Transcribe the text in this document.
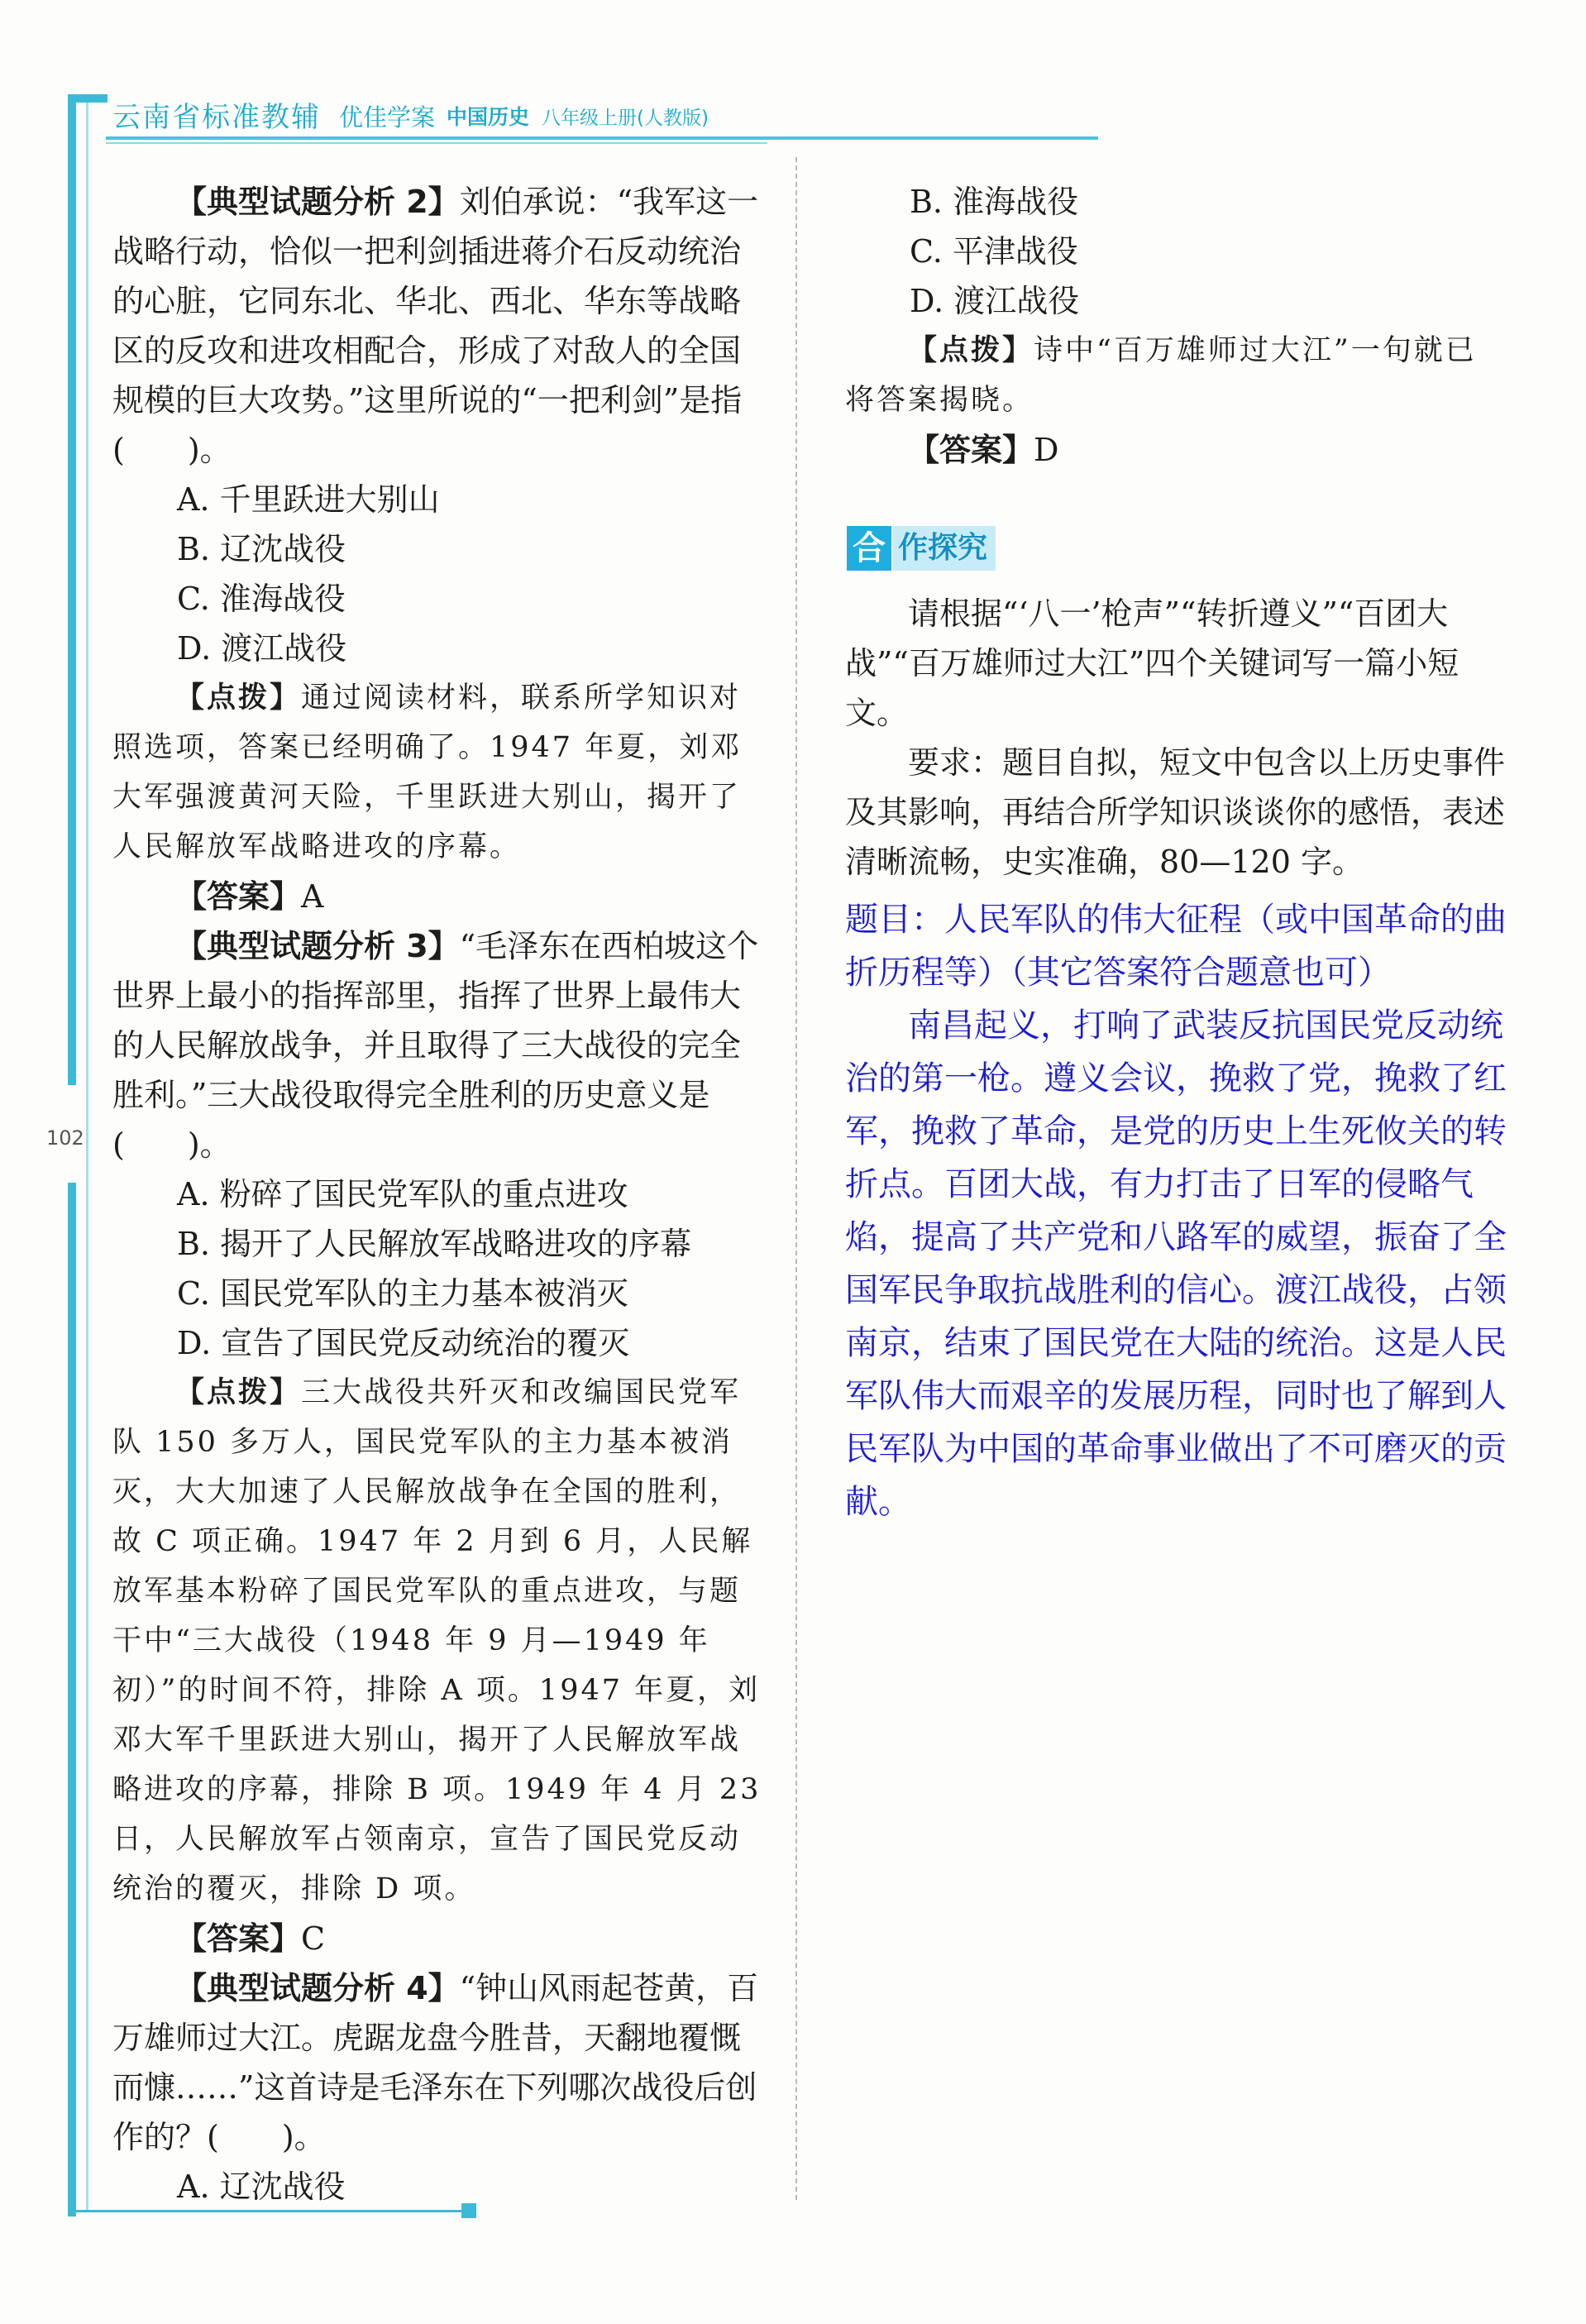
102
云南省标准教辅 优佳学案 中国历史 八年级上册(人教版)

【典型试题分析 2】刘伯承说：“我军这一战略行动，恰似一把利剑插进蒋介石反动统治的心脏，它同东北、华北、西北、华东等战略区的反攻和进攻相配合，形成了对敌人的全国规模的巨大攻势。”这里所说的“一把利剑”是指(　　)。

A. 千里跃进大别山

B. 辽沈战役

C. 淮海战役

D. 渡江战役

【点拨】通过阅读材料，联系所学知识对照选项，答案已经明确了。1947 年夏，刘邓大军强渡黄河天险，千里跃进大别山，揭开了人民解放军战略进攻的序幕。

【答案】A

【典型试题分析 3】“毛泽东在西柏坡这个世界上最小的指挥部里，指挥了世界上最伟大的人民解放战争，并且取得了三大战役的完全胜利。”三大战役取得完全胜利的历史意义是(　　)。

A. 粉碎了国民党军队的重点进攻

B. 揭开了人民解放军战略进攻的序幕

C. 国民党军队的主力基本被消灭

D. 宣告了国民党反动统治的覆灭

【点拨】三大战役共歼灭和改编国民党军队 150 多万人，国民党军队的主力基本被消灭，大大加速了人民解放战争在全国的胜利，故 C 项正确。1947 年 2 月到 6 月，人民解放军基本粉碎了国民党军队的重点进攻，与题干中“三大战役（1948 年 9 月—1949 年初）”的时间不符，排除 A 项。1947 年夏，刘邓大军千里跃进大别山，揭开了人民解放军战略进攻的序幕，排除 B 项。1949 年 4 月 23 日，人民解放军占领南京，宣告了国民党反动统治的覆灭，排除 D 项。

【答案】C

【典型试题分析 4】“钟山风雨起苍黄，百万雄师过大江。虎踞龙盘今胜昔，天翻地覆慨而慷……”这首诗是毛泽东在下列哪次战役后创作的？(　　)。

A. 辽沈战役

B. 淮海战役

C. 平津战役

D. 渡江战役

【点拨】诗中“百万雄师过大江”一句就已将答案揭晓。

【答案】D

合 作探究

请根据“‘八一’枪声”“转折遵义”“百团大战”“百万雄师过大江”四个关键词写一篇小短文。

要求：题目自拟，短文中包含以上历史事件及其影响，再结合所学知识谈谈你的感悟，表述清晰流畅，史实准确，80—120 字。

题目：人民军队的伟大征程（或中国革命的曲折历程等）（其它答案符合题意也可）

南昌起义，打响了武装反抗国民党反动统治的第一枪。遵义会议，挽救了党，挽救了红军，挽救了革命，是党的历史上生死攸关的转折点。百团大战，有力打击了日军的侵略气焰，提高了共产党和八路军的威望，振奋了全国军民争取抗战胜利的信心。渡江战役，占领南京，结束了国民党在大陆的统治。这是人民军队伟大而艰辛的发展历程，同时也了解到人民军队为中国的革命事业做出了不可磨灭的贡献。
